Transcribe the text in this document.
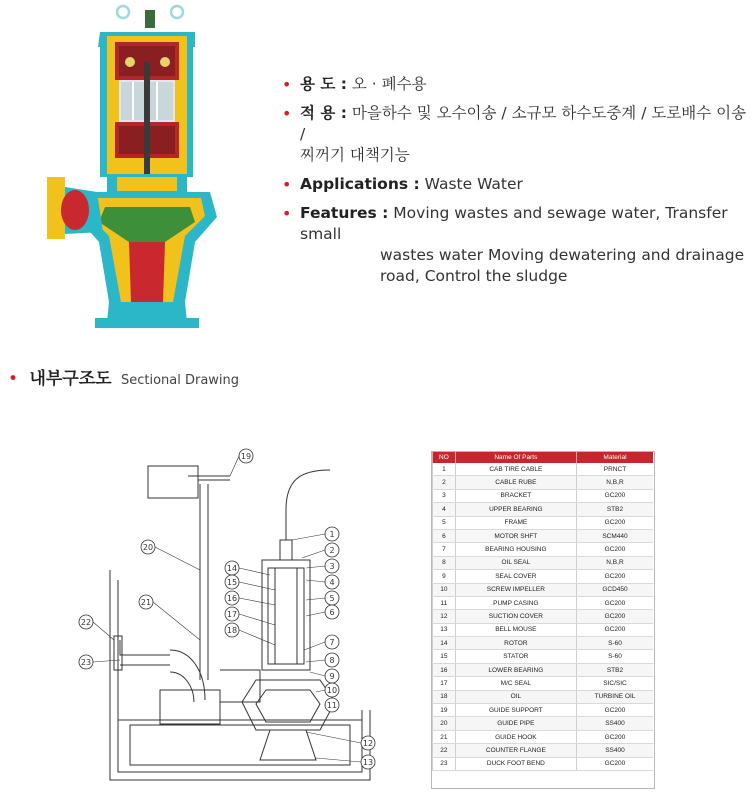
• 용 도 : 오 · 폐수용
• 적 용 : 마을하수 및 오수이송 / 소규모 하수도중계 / 도로배수 이송 /
찌꺼기 대책기능
• Applications : Waste Water
• Features : Moving wastes and sewage water, Transfer small
wastes water Moving dewatering and drainage
road, Control the sludge
• 내부구조도 Sectional Drawing
19
20
21
22
23
14
15
16
17
18
1
2
3
4
5
6
7
8
9
10
11
12
13
NO	Name Of Parts	Material
1	CAB TIRE CABLE	PRNCT
2	CABLE RUBE	N,B,R
3	BRACKET	GC200
4	UPPER BEARING	STB2
5	FRAME	GC200
6	MOTOR SHFT	SCM440
7	BEARING HOUSING	GC200
8	OIL SEAL	N,B,R
9	SEAL COVER	GC200
10	SCREW IMPELLER	GCD450
11	PUMP CASING	GC200
12	SUCTION COVER	GC200
13	BELL MOUSE	GC200
14	ROTOR	S-60
15	STATOR	S-60
16	LOWER BEARING	STB2
17	M/C SEAL	SIC/SIC
18	OIL	TURBINE OIL
19	GUIDE SUPPORT	GC200
20	GUIDE PIPE	SS400
21	GUIDE HOOK	GC200
22	COUNTER FLANGE	SS400
23	DUCK FOOT BEND	GC200
